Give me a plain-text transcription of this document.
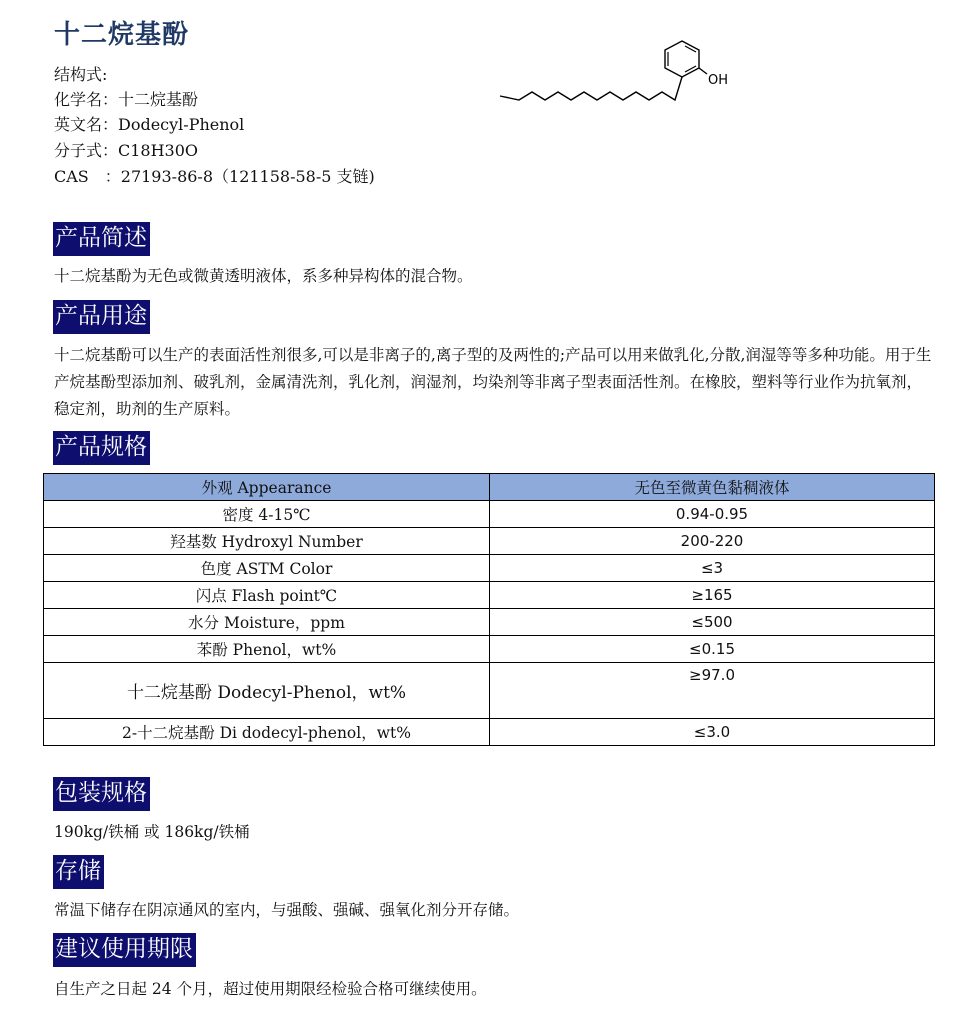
十二烷基酚
结构式:
化学名：十二烷基酚
英文名：Dodecyl-Phenol
分子式：C18H30O
CAS　：27193-86-8（121158-58-5 支链)
OH
产品简述
十二烷基酚为无色或微黄透明液体，系多种异构体的混合物。
产品用途
十二烷基酚可以生产的表面活性剂很多,可以是非离子的,离子型的及两性的;产品可以用来做乳化,分散,润湿等等多种功能。用于生产烷基酚型添加剂、破乳剂，金属清洗剂，乳化剂，润湿剂，均染剂等非离子型表面活性剂。在橡胶，塑料等行业作为抗氧剂，稳定剂，助剂的生产原料。
产品规格
外观 Appearance	无色至微黄色黏稠液体
密度 4-15℃	0.94-0.95
羟基数 Hydroxyl Number	200-220
色度 ASTM Color	≤3
闪点 Flash point℃	≥165
水分 Moisture，ppm	≤500
苯酚 Phenol，wt%	≤0.15
十二烷基酚 Dodecyl-Phenol，wt%	≥97.0
2-十二烷基酚 Di dodecyl-phenol，wt%	≤3.0
包装规格
190kg/铁桶 或 186kg/铁桶
存储
常温下储存在阴凉通风的室内，与强酸、强碱、强氧化剂分开存储。
建议使用期限
自生产之日起 24 个月，超过使用期限经检验合格可继续使用。
